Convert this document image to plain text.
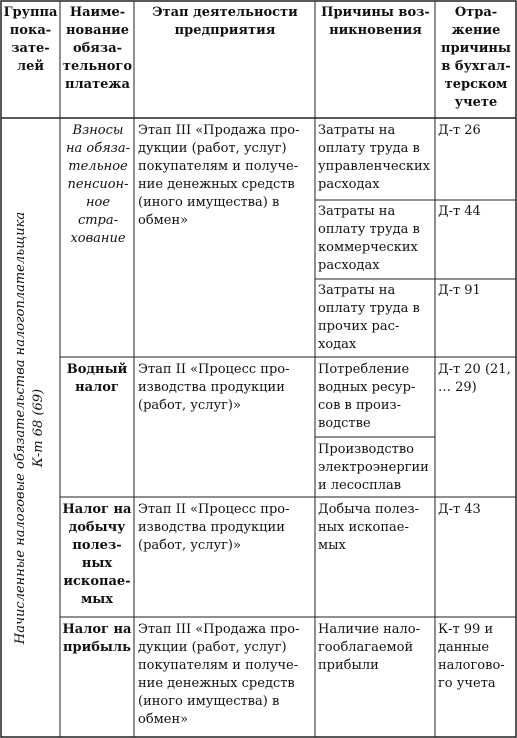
Группа пока-зате-лей
Наиме-нование обяза-тельного платежа
Этап деятельности предприятия
Причины воз-никновения
Отра-жение причины в бухгал-терском учете
Начисленные налоговые обязательства налогоплательщика К-т 68 (69)
Взносы на обяза-тельное пенсион-ное стра-хование
Этап III «Продажа про-дукции (работ, услуг) покупателям и получе-ние денежных средств (иного имущества) в обмен»
Затраты на оплату труда в управленческих расходах
Д-т 26
Затраты на оплату труда в коммерческих расходах
Д-т 44
Затраты на оплату труда в прочих рас-ходах
Д-т 91
Водный налог
Этап II «Процесс про-изводства продукции (работ, услуг)»
Потребление водных ресур-сов в произ-водстве
Д-т 20 (21, … 29)
Производство электроэнергии и лесосплав
Налог на добычу полез-ных ископае-мых
Этап II «Процесс про-изводства продукции (работ, услуг)»
Добыча полез-ных ископае-мых
Д-т 43
Налог на прибыль
Этап III «Продажа про-дукции (работ, услуг) покупателям и получе-ние денежных средств (иного имущества) в обмен»
Наличие нало-гооблагаемой прибыли
К-т 99 и данные налогово-го учета
